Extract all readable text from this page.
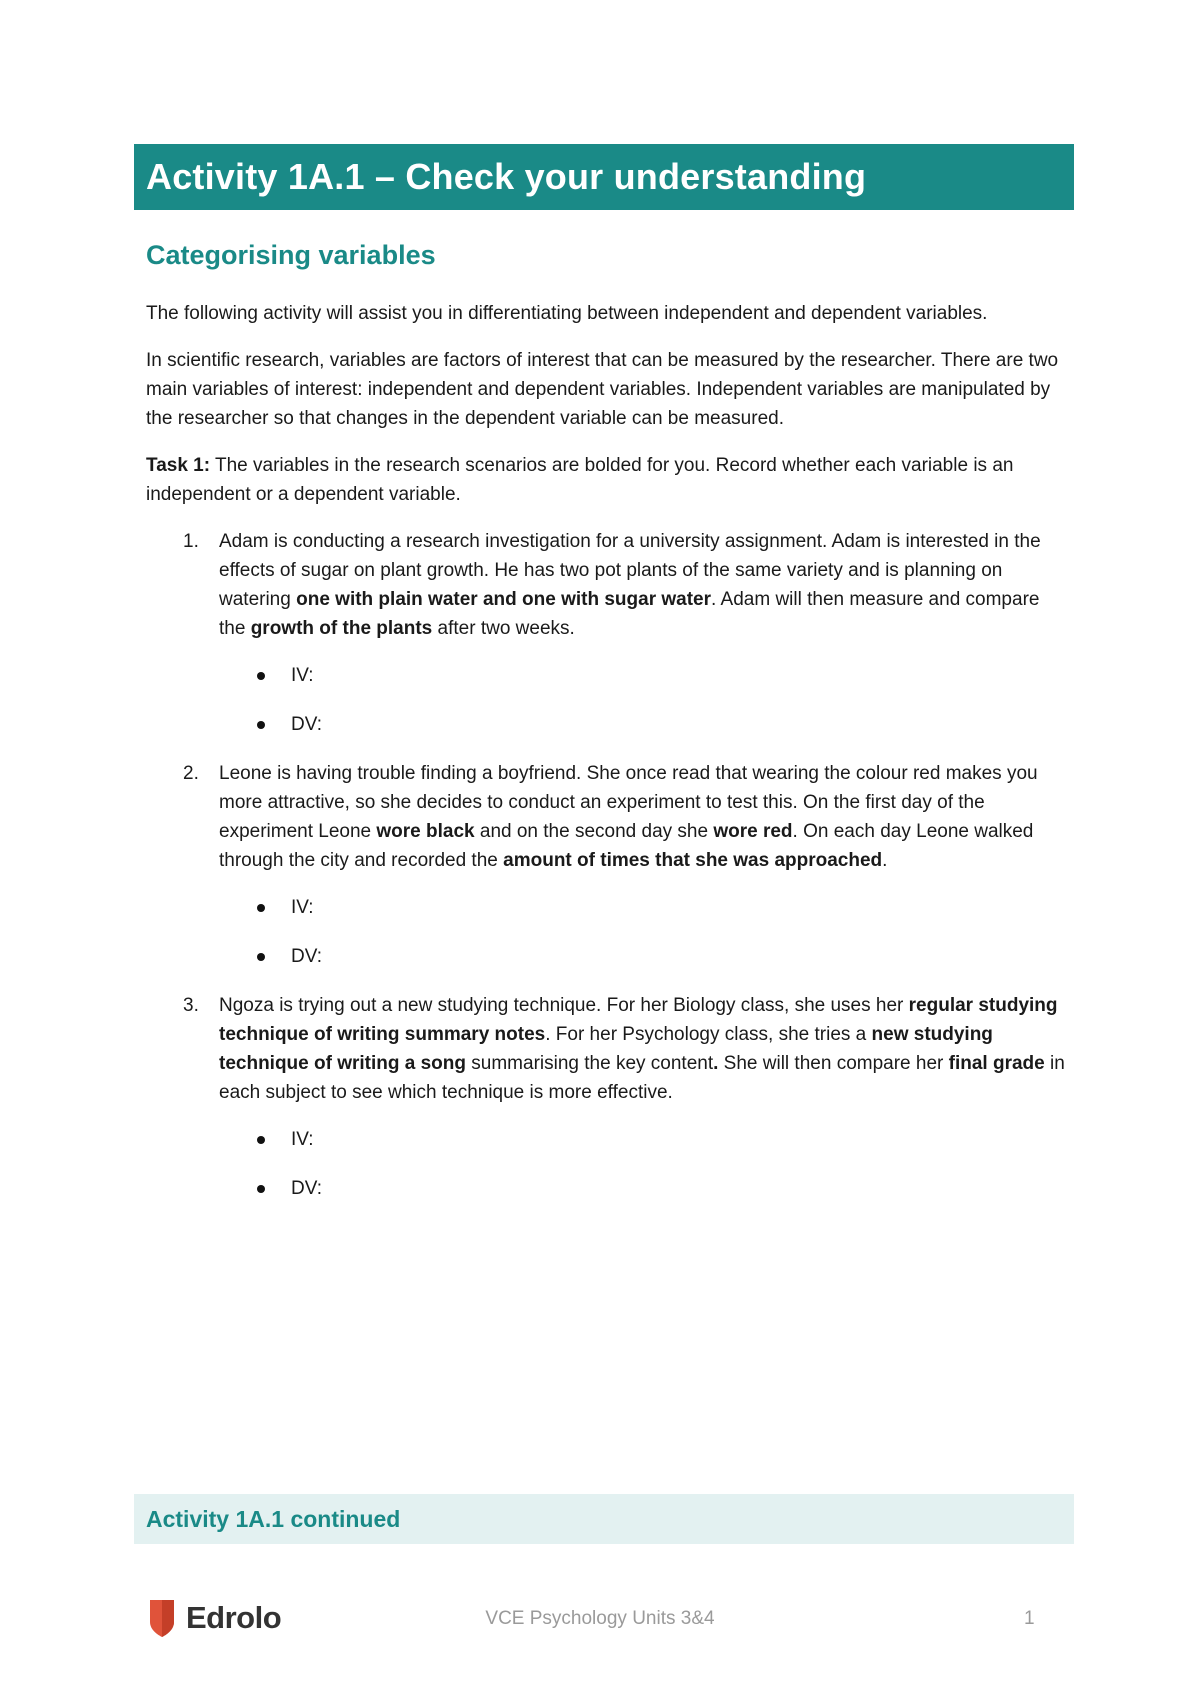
Activity 1A.1 – Check your understanding
Categorising variables

The following activity will assist you in differentiating between independent and dependent variables.

In scientific research, variables are factors of interest that can be measured by the researcher. There are two main variables of interest: independent and dependent variables. Independent variables are manipulated by the researcher so that changes in the dependent variable can be measured.

Task 1: The variables in the research scenarios are bolded for you. Record whether each variable is an independent or a dependent variable.

1. Adam is conducting a research investigation for a university assignment. Adam is interested in the effects of sugar on plant growth. He has two pot plants of the same variety and is planning on watering one with plain water and one with sugar water. Adam will then measure and compare the growth of the plants after two weeks.
IV:
DV:
2. Leone is having trouble finding a boyfriend. She once read that wearing the colour red makes you more attractive, so she decides to conduct an experiment to test this. On the first day of the experiment Leone wore black and on the second day she wore red. On each day Leone walked through the city and recorded the amount of times that she was approached.
IV:
DV:
3. Ngoza is trying out a new studying technique. For her Biology class, she uses her regular studying technique of writing summary notes. For her Psychology class, she tries a new studying technique of writing a song summarising the key content. She will then compare her final grade in each subject to see which technique is more effective.
IV:
DV:
Activity 1A.1 continued
Edrolo	VCE Psychology Units 3&4	1
